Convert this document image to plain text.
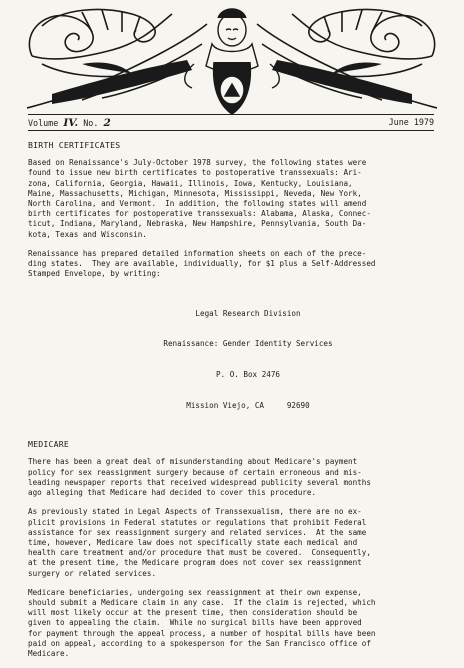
Volume IV. No. 2	June 1979
BIRTH CERTIFICATES

Based on Renaissance's July-October 1978 survey, the following states were
found to issue new birth certificates to postoperative transsexuals: Ari-
zona, California, Georgia, Hawaii, Illinois, Iowa, Kentucky, Louisiana,
Maine, Massachusetts, Michigan, Minnesota, Mississippi, Neveda, New York,
North Carolina, and Vermont.  In addition, the following states will amend
birth certificates for postoperative transsexuals: Alabama, Alaska, Connec-
ticut, Indiana, Maryland, Nebraska, New Hampshire, Pennsylvania, South Da-
kota, Texas and Wisconsin.

Renaissance has prepared detailed information sheets on each of the prece-
ding states.  They are available, individually, for $1 plus a Self-Addressed
Stamped Envelope, by writing:

Legal Research Division

Renaissance: Gender Identity Services

P. O. Box 2476

Mission Viejo, CA     92690

MEDICARE

There has been a great deal of misunderstanding about Medicare's payment
policy for sex reassignment surgery because of certain erroneous and mis-
leading newspaper reports that received widespread publicity several months
ago alleging that Medicare had decided to cover this procedure.

As previously stated in Legal Aspects of Transsexualism, there are no ex-
plicit provisions in Federal statutes or regulations that prohibit Federal
assistance for sex reassignment surgery and related services.  At the same
time, however, Medicare law does not specifically state each medical and
health care treatment and/or procedure that must be covered.  Consequently,
at the present time, the Medicare program does not cover sex reassignment
surgery or related services.

Medicare beneficiaries, undergoing sex reassignment at their own expense,
should submit a Medicare claim in any case.  If the claim is rejected, which
will most likely occur at the present time, then consideration should be
given to appealing the claim.  While no surgical bills have been approved
for payment through the appeal process, a number of hospital bills have been
paid on appeal, according to a spokesperson for the San Francisco office of
Medicare.
